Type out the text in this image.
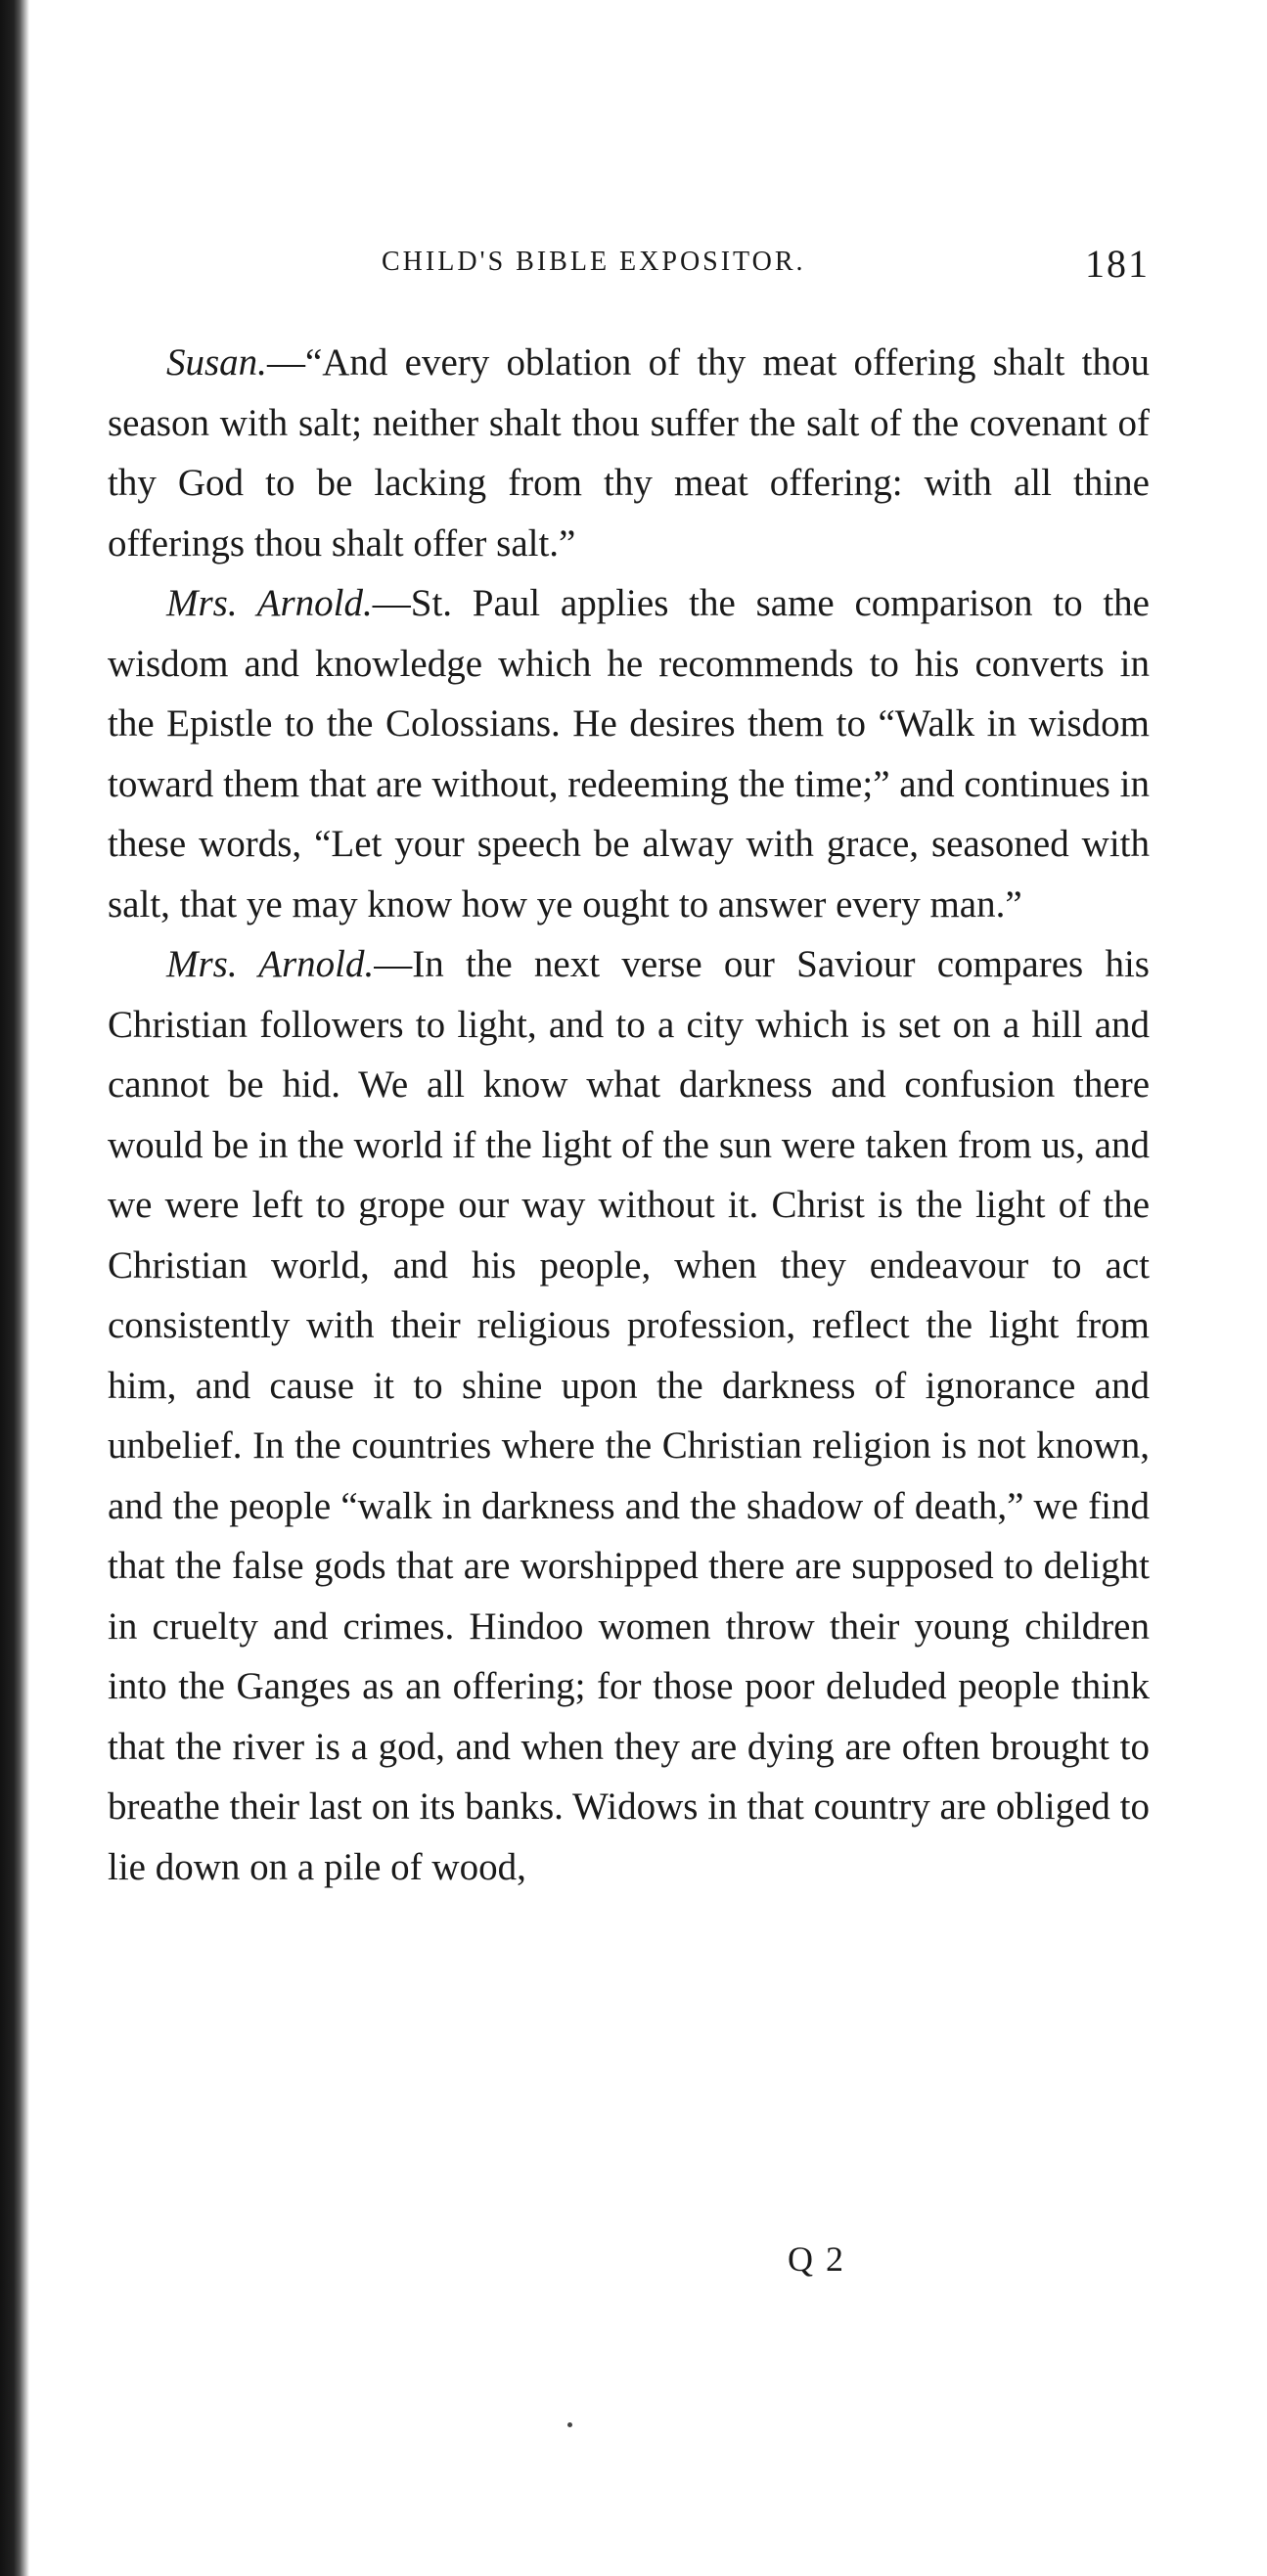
CHILD'S BIBLE EXPOSITOR.	181

Susan.—“And every oblation of thy meat offering shalt thou season with salt; neither shalt thou suffer the salt of the covenant of thy God to be lacking from thy meat offering: with all thine offerings thou shalt offer salt.”

Mrs. Arnold.—St. Paul applies the same comparison to the wisdom and knowledge which he recommends to his converts in the Epistle to the Colossians. He desires them to “Walk in wisdom toward them that are without, redeeming the time;” and continues in these words, “Let your speech be alway with grace, seasoned with salt, that ye may know how ye ought to answer every man.”

Mrs. Arnold.—In the next verse our Saviour compares his Christian followers to light, and to a city which is set on a hill and cannot be hid. We all know what darkness and confusion there would be in the world if the light of the sun were taken from us, and we were left to grope our way without it. Christ is the light of the Christian world, and his people, when they endeavour to act consistently with their religious profession, reflect the light from him, and cause it to shine upon the darkness of ignorance and unbelief. In the countries where the Christian religion is not known, and the people “walk in darkness and the shadow of death,” we find that the false gods that are worshipped there are supposed to delight in cruelty and crimes. Hindoo women throw their young children into the Ganges as an offering; for those poor deluded people think that the river is a god, and when they are dying are often brought to breathe their last on its banks. Widows in that country are obliged to lie down on a pile of wood,

Q 2
